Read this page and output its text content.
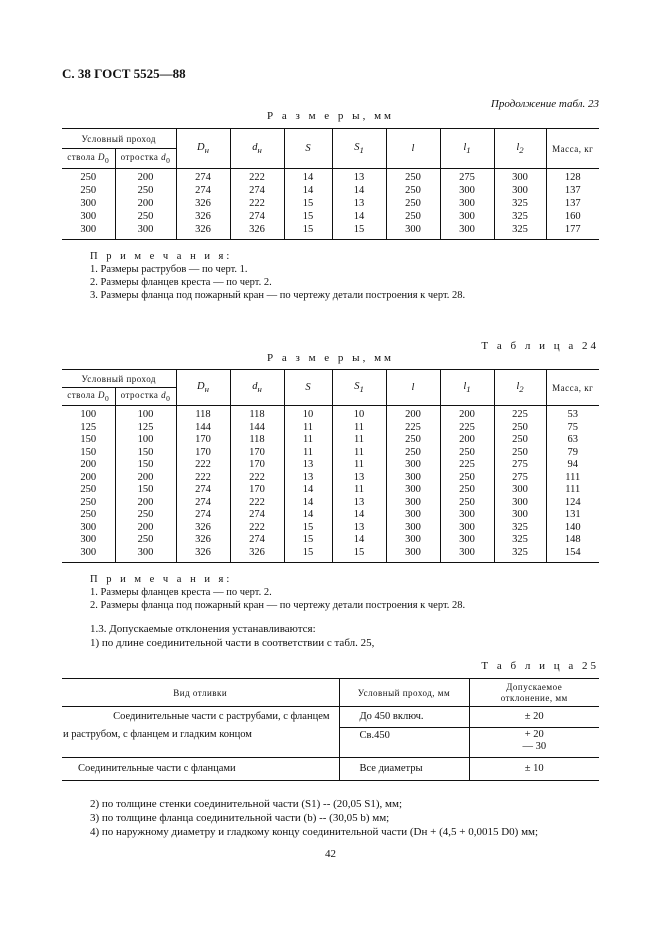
С. 38 ГОСТ 5525—88
Продолжение табл. 23
Р а з м е р ы, мм
Условный проход		$D_н$	$d_н$	S	$S_1$	l	$l_1$	$l_2$	Масса, кг
ствола $D_0$	отростка $d_0$
250	200	274	222	14	13	250	275	300	128
250	250	274	274	14	14	250	300	300	137
300	200	326	222	15	13	250	300	325	137
300	250	326	274	15	14	250	300	325	160
300	300	326	326	15	15	300	300	325	177
П р и м е ч а н и я:
1. Размеры раструбов — по черт. 1.
2. Размеры фланцев креста — по черт. 2.
3. Размеры фланца под пожарный кран — по чертежу детали построения к черт. 28.
Т а б л и ц а 24
Р а з м е р ы, мм
Условный проход		$D_н$	$d_н$	S	$S_1$	l	$l_1$	$l_2$	Масса, кг
ствола $D_0$	отростка $d_0$
100	100	118	118	10	10	200	200	225	53
125	125	144	144	11	11	225	225	250	75
150	100	170	118	11	11	250	200	250	63
150	150	170	170	11	11	250	250	250	79
200	150	222	170	13	11	300	225	275	94
200	200	222	222	13	13	300	250	275	111
250	150	274	170	14	11	300	250	300	111
250	200	274	222	14	13	300	250	300	124
250	250	274	274	14	14	300	300	300	131
300	200	326	222	15	13	300	300	325	140
300	250	326	274	15	14	300	300	325	148
300	300	326	326	15	15	300	300	325	154
П р и м е ч а н и я:
1. Размеры фланцев креста — по черт. 2.
2. Размеры фланца под пожарный кран — по чертежу детали построения к черт. 28.
1.3. Допускаемые отклонения устанавливаются:
1) по длине соединительной части в соответствии с табл. 25,
Т а б л и ц а 25
Вид отливки	Условный проход, мм	Допускаемое
отклонение, мм

Соединительные части с раструбами, с фланцем
и раструбом, с фланцем и гладким концом	До 450 включ.	± 20
	Св.450	+ 20
— 30

Соединительные части с фланцами	Все диаметры	± 10
2) по толщине стенки соединительной части (S1) -- (20,05 S1), мм;
3) по толщине фланца соединительной части (b) -- (30,05 b) мм;
4) по наружному диаметру и гладкому концу соединительной части (Dн + (4,5 + 0,0015 D0) мм;
42
